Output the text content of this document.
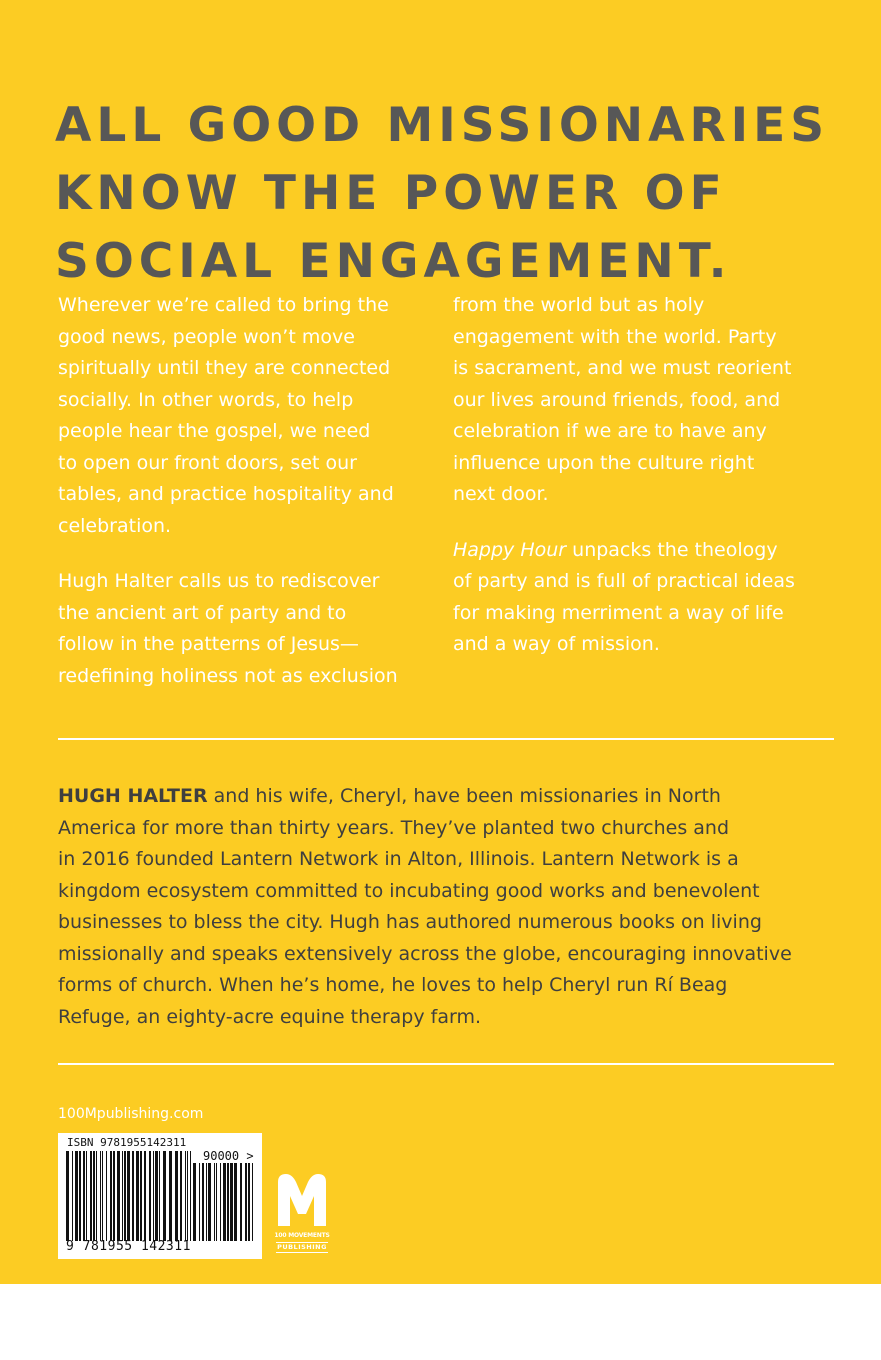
ALL GOOD MISSIONARIES
KNOW THE POWER OF
SOCIAL ENGAGEMENT.

Wherever we’re called to bring the
good news, people won’t move
spiritually until they are connected
socially. In other words, to help
people hear the gospel, we need
to open our front doors, set our
tables, and practice hospitality and
celebration.

Hugh Halter calls us to rediscover
the ancient art of party and to
follow in the patterns of Jesus—
redefining holiness not as exclusion

from the world but as holy
engagement with the world. Party
is sacrament, and we must reorient
our lives around friends, food, and
celebration if we are to have any
influence upon the culture right
next door.

Happy Hour unpacks the theology
of party and is full of practical ideas
for making merriment a way of life
and a way of mission.

HUGH HALTER and his wife, Cheryl, have been missionaries in North
America for more than thirty years. They’ve planted two churches and
in 2016 founded Lantern Network in Alton, Illinois. Lantern Network is a
kingdom ecosystem committed to incubating good works and benevolent
businesses to bless the city. Hugh has authored numerous books on living
missionally and speaks extensively across the globe, encouraging innovative
forms of church. When he’s home, he loves to help Cheryl run Rí Beag
Refuge, an eighty-acre equine therapy farm.
100Mpublishing.com
ISBN 9781955142311
90000 >
9 781955 142311
100 MOVEMENTS
PUBLISHING
